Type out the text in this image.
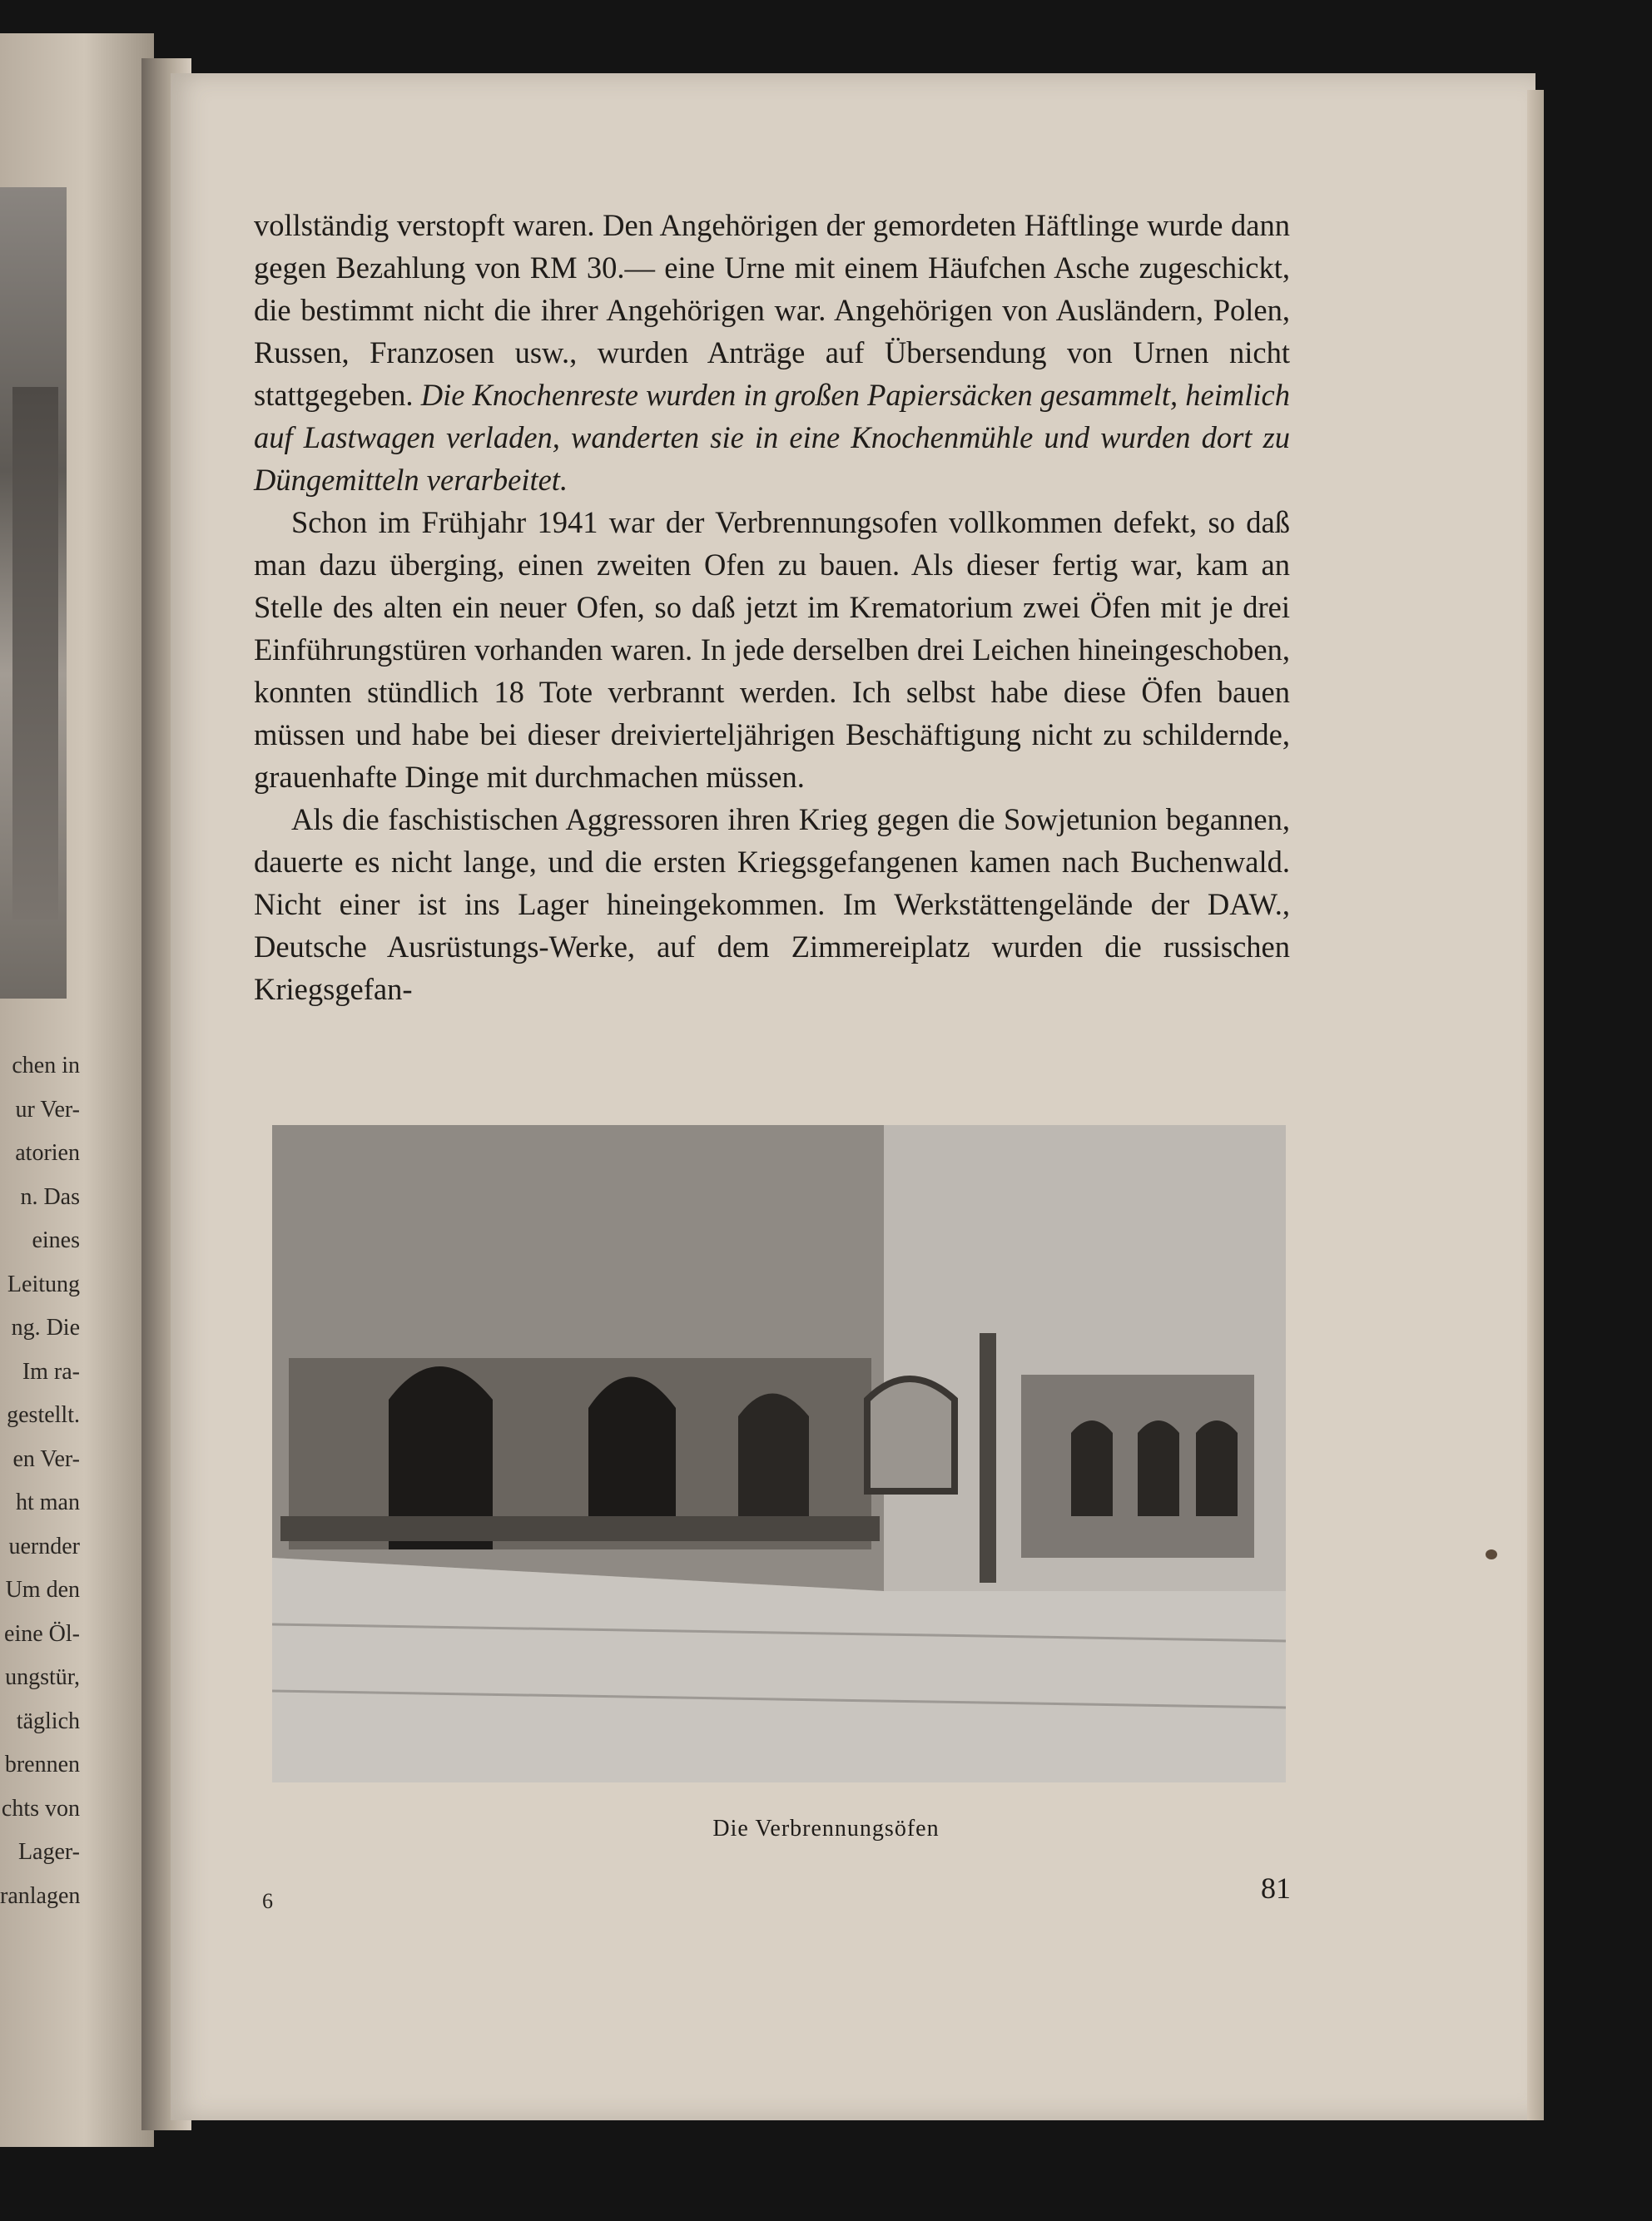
chen in
ur Ver-
atorien
n. Das
eines
Leitung
ng. Die
Im ra-
gestellt.
en Ver-
ht man
uernder
Um den
eine Öl-
ungstür,
täglich
brennen
chts von
Lager-
ranlagen

vollständig verstopft waren. Den Angehörigen der gemordeten Häftlinge wurde dann gegen Bezahlung von RM 30.— eine Urne mit einem Häufchen Asche zugeschickt, die bestimmt nicht die ihrer Angehörigen war. Angehörigen von Ausländern, Polen, Russen, Franzosen usw., wurden Anträge auf Übersendung von Urnen nicht stattgegeben. Die Knochenreste wurden in großen Papiersäcken gesammelt, heimlich auf Lastwagen verladen, wanderten sie in eine Knochenmühle und wurden dort zu Düngemitteln verarbeitet.

Schon im Frühjahr 1941 war der Verbrennungsofen vollkommen defekt, so daß man dazu überging, einen zweiten Ofen zu bauen. Als dieser fertig war, kam an Stelle des alten ein neuer Ofen, so daß jetzt im Krematorium zwei Öfen mit je drei Einführungstüren vorhanden waren. In jede derselben drei Leichen hineingeschoben, konnten stündlich 18 Tote verbrannt werden. Ich selbst habe diese Öfen bauen müssen und habe bei dieser dreivierteljährigen Beschäftigung nicht zu schildernde, grauenhafte Dinge mit durchmachen müssen.

Als die faschistischen Aggressoren ihren Krieg gegen die Sowjetunion begannen, dauerte es nicht lange, und die ersten Kriegsgefangenen kamen nach Buchenwald. Nicht einer ist ins Lager hineingekommen. Im Werkstättengelände der DAW., Deutsche Ausrüstungs-Werke, auf dem Zimmereiplatz wurden die russischen Kriegsgefan-

Die Verbrennungsöfen
6	81
